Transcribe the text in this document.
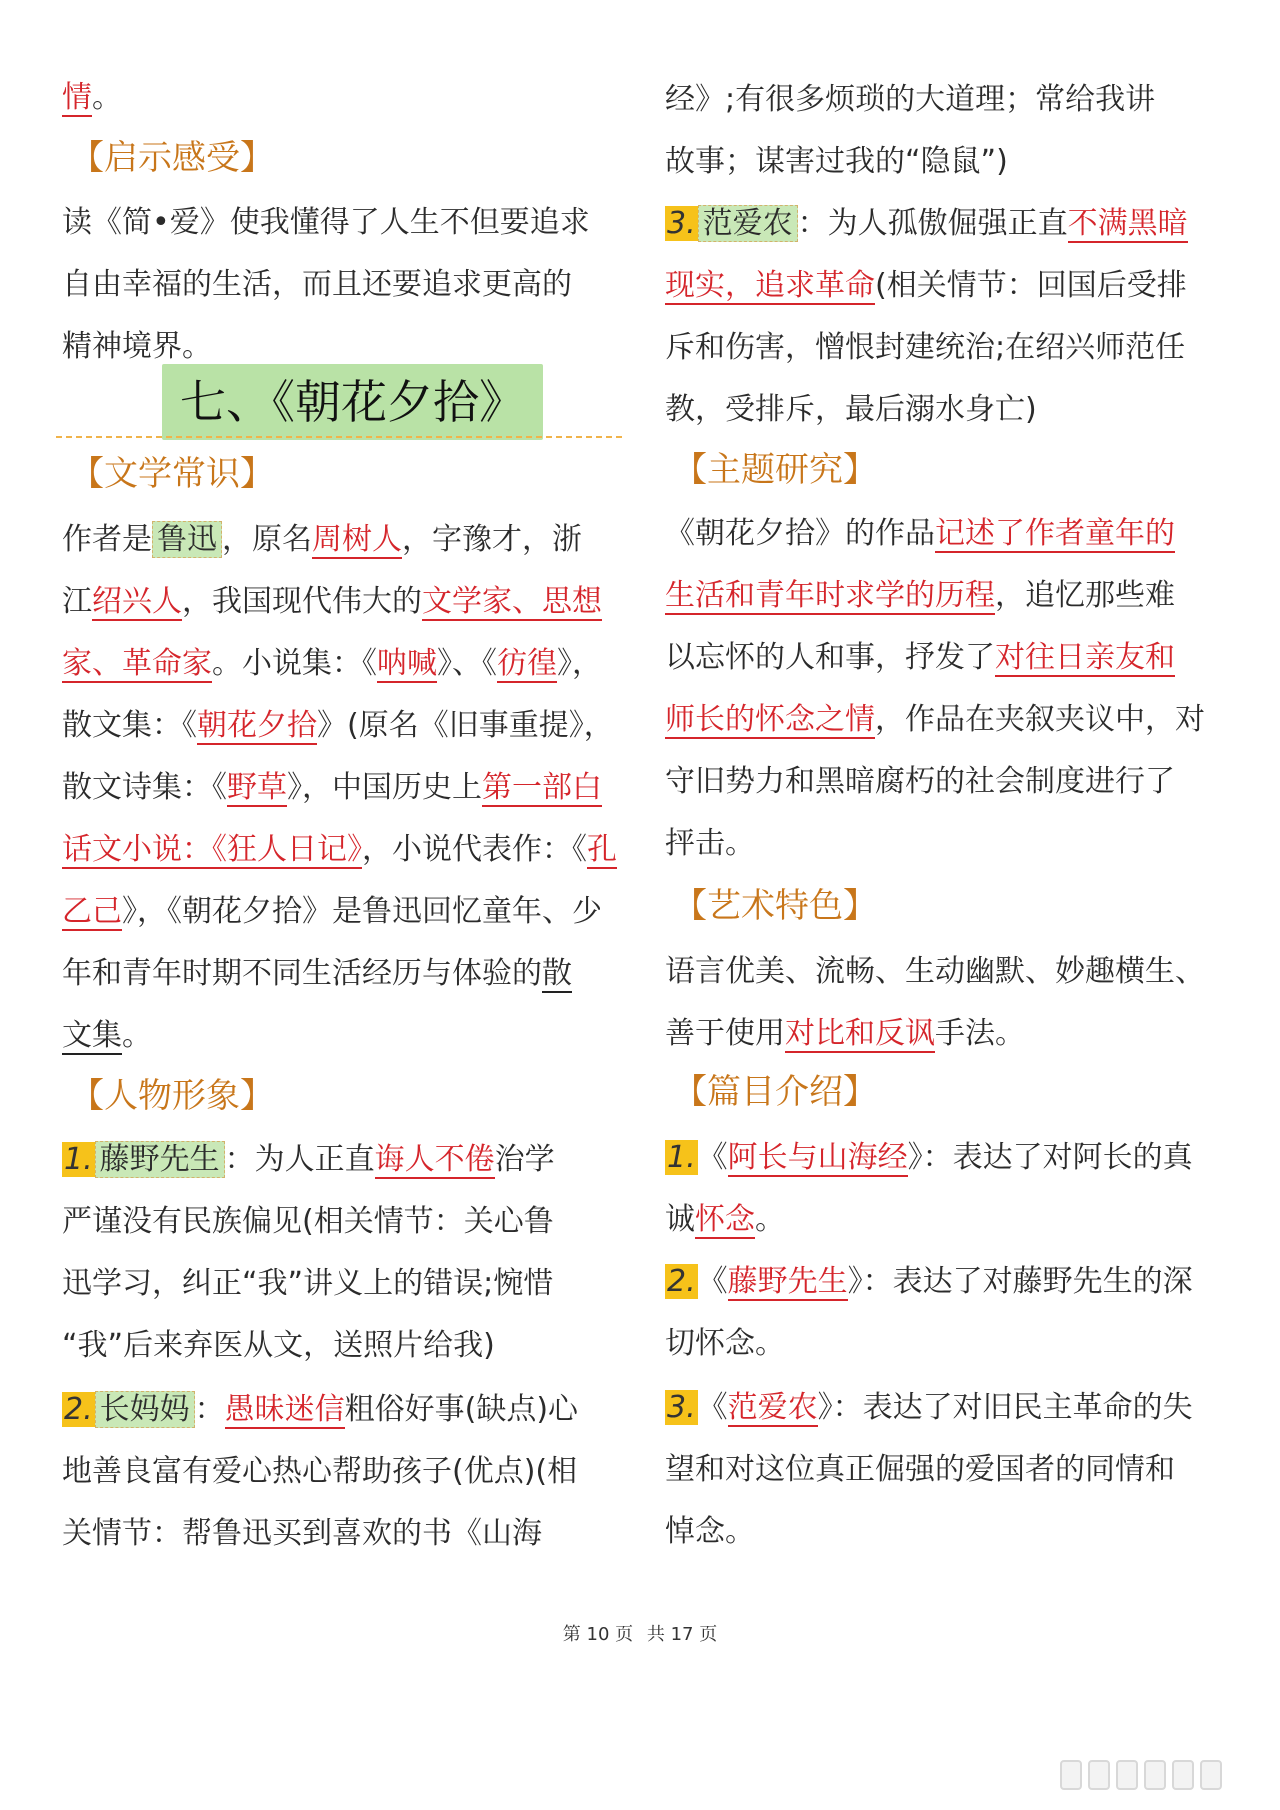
情。
【启示感受】
读《简•爱》使我懂得了人生不但要追求
自由幸福的生活，而且还要追求更高的
精神境界。
七、《朝花夕拾》
【文学常识】
作者是 鲁迅 ，原名周树人，字豫才，浙
江绍兴人，我国现代伟大的文学家、思想
家、革命家。小说集：《呐喊》、《彷徨》，
散文集：《朝花夕拾》(原名《旧事重提》，
散文诗集：《野草》，中国历史上第一部白
话文小说：《狂人日记》，小说代表作：《孔
乙己》，《朝花夕拾》是鲁迅回忆童年、少
年和青年时期不同生活经历与体验的散
文集。
【人物形象】
1. 藤野先生 ：为人正直诲人不倦治学
严谨没有民族偏见(相关情节：关心鲁
迅学习，纠正“我”讲义上的错误;惋惜
“我”后来弃医从文，送照片给我)
2. 长妈妈 ：愚昧迷信粗俗好事(缺点)心
地善良富有爱心热心帮助孩子(优点)(相
关情节：帮鲁迅买到喜欢的书《山海
经》;有很多烦琐的大道理；常给我讲
故事；谋害过我的“隐鼠”)
3. 范爱农 ：为人孤傲倔强正直不满黑暗
现实，追求革命(相关情节：回国后受排
斥和伤害，憎恨封建统治;在绍兴师范任
教，受排斥，最后溺水身亡)
【主题研究】
《朝花夕拾》的作品记述了作者童年的
生活和青年时求学的历程，追忆那些难
以忘怀的人和事，抒发了对往日亲友和
师长的怀念之情，作品在夹叙夹议中，对
守旧势力和黑暗腐朽的社会制度进行了
抨击。
【艺术特色】
语言优美、流畅、生动幽默、妙趣横生、
善于使用对比和反讽手法。
【篇目介绍】
1.《阿长与山海经》：表达了对阿长的真
诚怀念。
2.《藤野先生》：表达了对藤野先生的深
切怀念。
3.《范爱农》：表达了对旧民主革命的失
望和对这位真正倔强的爱国者的同情和
悼念。
第 10 页 共 17 页
